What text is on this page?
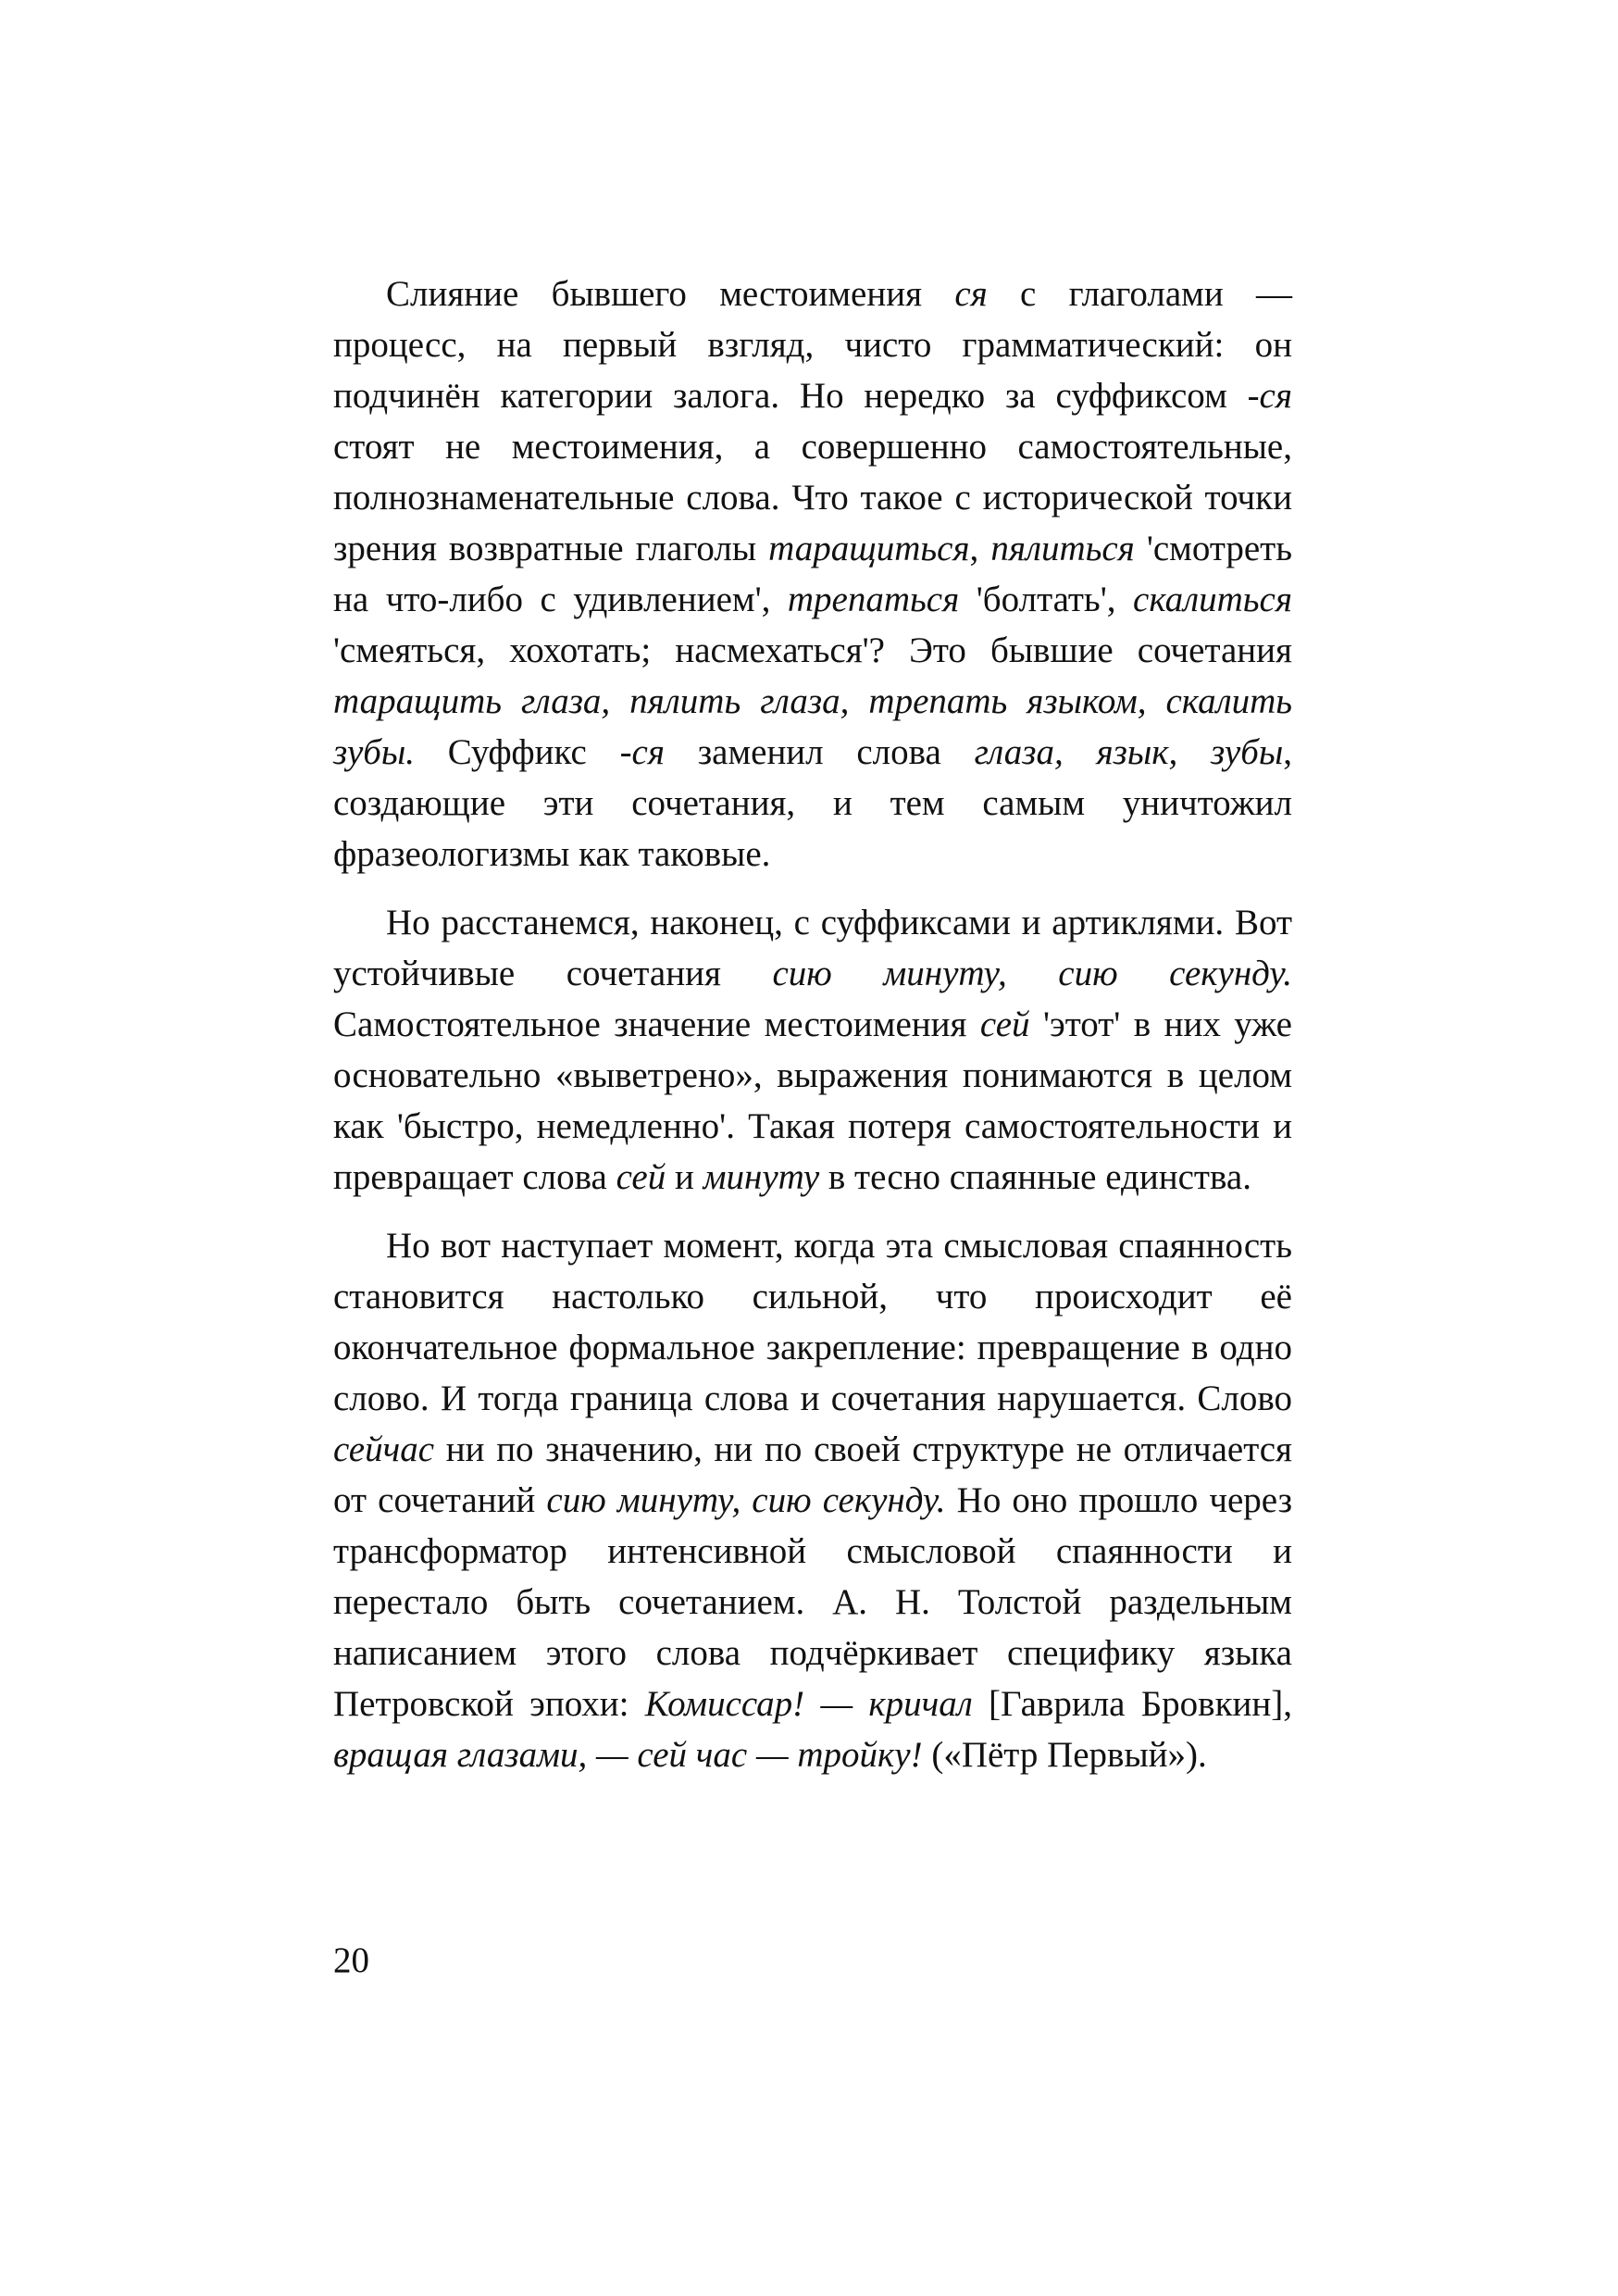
Слияние бывшего местоимения ся с глаголами — процесс, на первый взгляд, чисто грамматический: он подчинён категории залога. Но нередко за суффиксом -ся стоят не местоимения, а совершенно самостоятельные, полнознаменательные слова. Что такое с исторической точки зрения возвратные глаголы таращиться, пялиться 'смотреть на что-либо с удивлением', трепаться 'болтать', скалиться 'смеяться, хохотать; насмехаться'? Это бывшие сочетания таращить глаза, пялить глаза, трепать языком, скалить зубы. Суффикс -ся заменил слова глаза, язык, зубы, создающие эти сочетания, и тем самым уничтожил фразеологизмы как таковые.

Но расстанемся, наконец, с суффиксами и артиклями. Вот устойчивые сочетания сию минуту, сию секунду. Самостоятельное значение местоимения сей 'этот' в них уже основательно «выветрено», выражения понимаются в целом как 'быстро, немедленно'. Такая потеря самостоятельности и превращает слова сей и минуту в тесно спаянные единства.

Но вот наступает момент, когда эта смысловая спаянность становится настолько сильной, что происходит её окончательное формальное закрепление: превращение в одно слово. И тогда граница слова и сочетания нарушается. Слово сейчас ни по значению, ни по своей структуре не отличается от сочетаний сию минуту, сию секунду. Но оно прошло через трансформатор интенсивной смысловой спаянности и перестало быть сочетанием. А. Н. Толстой раздельным написанием этого слова подчёркивает специфику языка Петровской эпохи: Комиссар! — кричал [Гаврила Бровкин], вращая глазами, — сей час — тройку! («Пётр Первый»).

20
